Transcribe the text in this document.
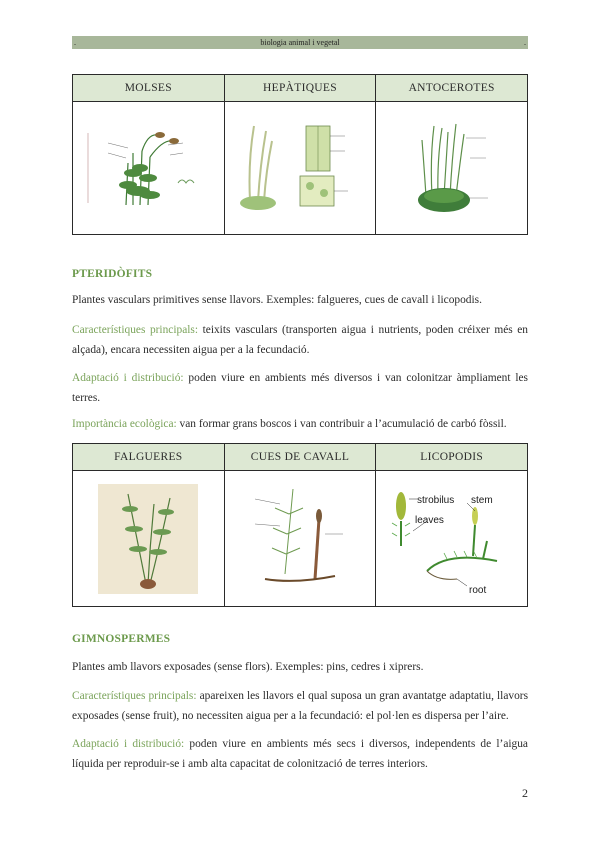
.	biologia animal i vegetal	.
MOLSES	HEPÀTIQUES	ANTOCEROTES

PTERIDÒFITS
Plantes vasculars primitives sense llavors. Exemples: falgueres, cues de cavall i licopodis.
Característiques principals: teixits vasculars (transporten aigua i nutrients, poden créixer més en alçada), encara necessiten aigua per a la fecundació.
Adaptació i distribució: poden viure en ambients més diversos i van colonitzar àmpliament les terres.
Importància ecològica: van formar grans boscos i van contribuir a l’acumulació de carbó fòssil.
FALGUERES	CUES DE CAVALL	LICOPODIS

strobilus stem
leaves
root
GIMNOSPERMES
Plantes amb llavors exposades (sense flors). Exemples: pins, cedres i xiprers.
Característiques principals: apareixen les llavors el qual suposa un gran avantatge adaptatiu, llavors exposades (sense fruit), no necessiten aigua per a la fecundació: el pol·len es dispersa per l’aire.
Adaptació i distribució: poden viure en ambients més secs i diversos, independents de l’aigua líquida per reproduir-se i amb alta capacitat de colonització de terres interiors.
2
